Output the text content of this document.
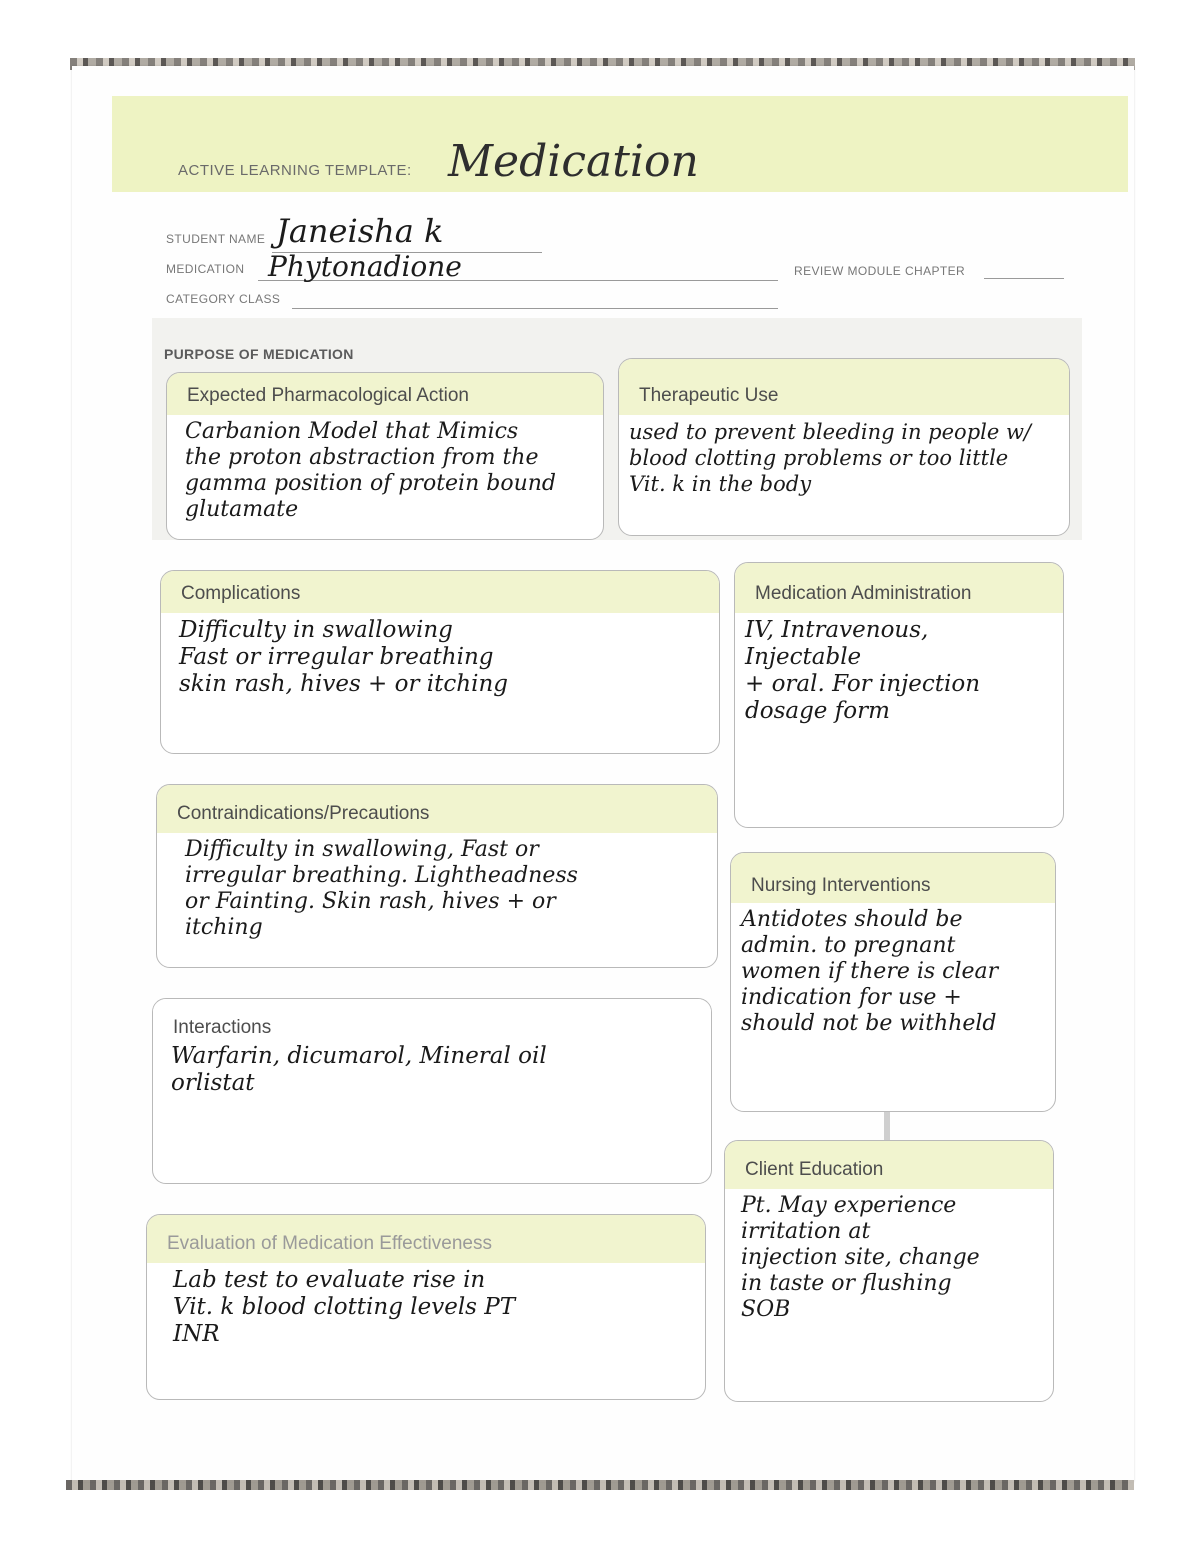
ACTIVE LEARNING TEMPLATE: Medication
STUDENT NAME Janeisha k
MEDICATION Phytonadione	REVIEW MODULE CHAPTER
CATEGORY CLASS
PURPOSE OF MEDICATION
Expected Pharmacological Action
Carbanion Model that Mimics
the proton abstraction from the
gamma position of protein bound
glutamate
Therapeutic Use
used to prevent bleeding in people w/
blood clotting problems or too little
Vit. k in the body
Complications
Difficulty in swallowing
Fast or irregular breathing
skin rash, hives + or itching
Medication Administration
IV, Intravenous, Injectable
+ oral. For injection
dosage form
Contraindications/Precautions
Difficulty in swallowing, Fast or
irregular breathing. Lightheadness
or Fainting. Skin rash, hives + or
itching
Nursing Interventions
Antidotes should be
admin. to pregnant
women if there is clear
indication for use +
should not be withheld
Interactions
Warfarin, dicumarol, Mineral oil
orlistat
Client Education
Pt. May experience
irritation at
injection site, change
in taste or flushing
SOB
Evaluation of Medication Effectiveness
Lab test to evaluate rise in
Vit. k blood clotting levels PT
INR
